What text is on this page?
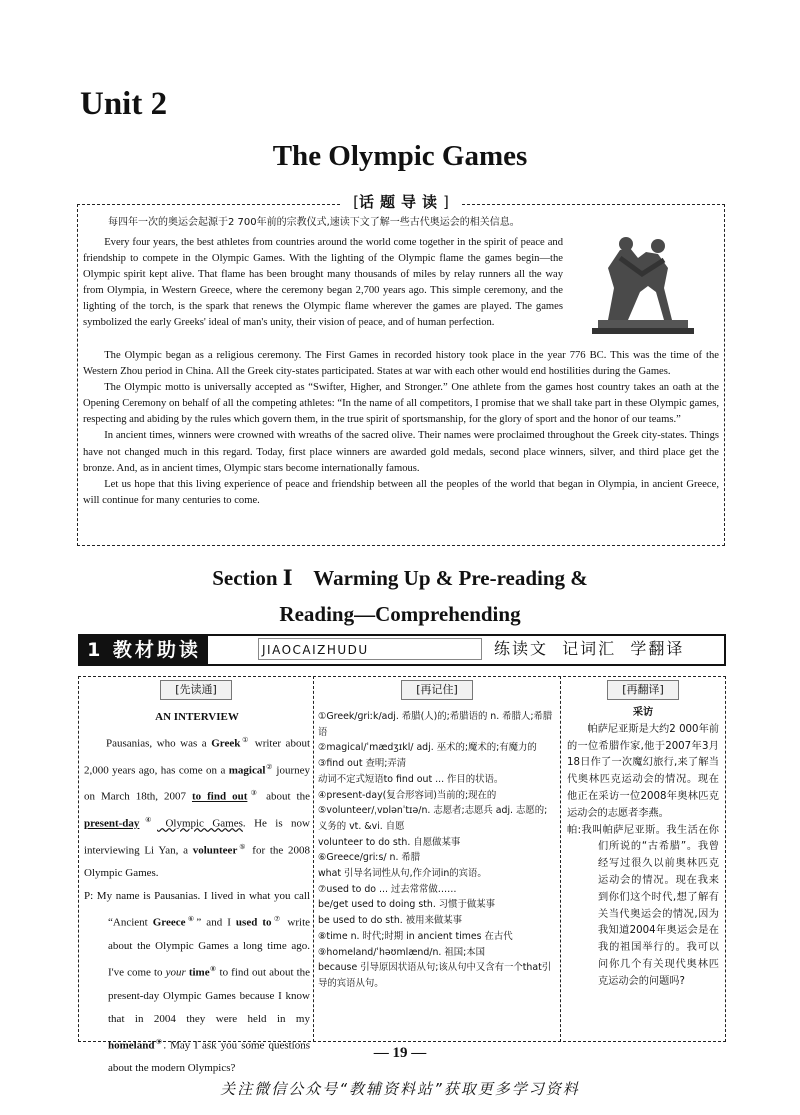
Unit 2
The Olympic Games
[话题导读]

每四年一次的奥运会起源于2 700年前的宗教仪式,速读下文了解一些古代奥运会的相关信息。

Every four years, the best athletes from countries around the world come together in the spirit of peace and friendship to compete in the Olympic Games. With the lighting of the Olympic flame the games begin—the Olympic spirit kept alive. That flame has been brought many thousands of miles by relay runners all the way from Olympia, in Western Greece, where the ceremony began 2,700 years ago. This simple ceremony, and the lighting of the torch, is the spark that renews the Olympic flame wherever the games are played. The games symbolized the early Greeks' ideal of man's unity, their vision of peace, and of human perfection.

The Olympic began as a religious ceremony. The First Games in recorded history took place in the year 776 BC. This was the time of the Western Zhou period in China. All the Greek city-states participated. States at war with each other would end hostilities during the Games.

The Olympic motto is universally accepted as “Swifter, Higher, and Stronger.” One athlete from the games host country takes an oath at the Opening Ceremony on behalf of all the competing athletes: “In the name of all competitors, I promise that we shall take part in these Olympic games, respecting and abiding by the rules which govern them, in the true spirit of sportsmanship, for the glory of sport and the honor of our teams.”

In ancient times, winners were crowned with wreaths of the sacred olive. Their names were proclaimed throughout the Greek city-states. Things have not changed much in this regard. Today, first place winners are awarded gold medals, second place winners, silver, and third place get the bronze. And, as in ancient times, Olympic stars become internationally famous.

Let us hope that this living experience of peace and friendship between all the peoples of the world that began in Olympia, in ancient Greece, will continue for many centuries to come.

Section Ⅰ    Warming Up & Pre-reading &
Reading—Comprehending
1 教材助读	JIAOCAIZHUDU	练读文  记词汇  学翻译
[先读通]	[再记住]	[再翻译]

AN INTERVIEW

Pausanias, who was a Greek① writer about 2,000 years ago, has come on a magical② journey on March 18th, 2007 to find out③ about the present-day④ Olympic Games. He is now interviewing Li Yan, a volunteer⑤ for the 2008 Olympic Games.

P: My name is Pausanias. I lived in what you call “Ancient Greece⑥” and I used to⑦ write about the Olympic Games a long time ago. I've come to your time⑧ to find out about the present-day Olympic Games because I know that in 2004 they were held in my homeland⑨. May I ask you some questions about the modern Olympics?

①Greek/ɡriːk/adj. 希腊(人)的;希腊语的 n. 希腊人;希腊语

②magical/ˈmædʒɪkl/ adj. 巫术的;魔术的;有魔力的

③find out 查明;弄清

动词不定式短语to find out ... 作目的状语。

④present-day(复合形容词)当前的;现在的

⑤volunteer/ˌvɒlənˈtɪə/n. 志愿者;志愿兵 adj. 志愿的;义务的 vt. &vi. 自愿

volunteer to do sth. 自愿做某事

⑥Greece/ɡriːs/ n. 希腊

what 引导名词性从句,作介词in的宾语。

⑦used to do ... 过去常常做……

be/get used to doing sth. 习惯于做某事

be used to do sth. 被用来做某事

⑧time n. 时代;时期 in ancient times 在古代

⑨homeland/ˈhəʊmlænd/n. 祖国;本国

because 引导原因状语从句;该从句中又含有一个that引导的宾语从句。

采访

帕萨尼亚斯是大约2 000年前的一位希腊作家,他于2007年3月18日作了一次魔幻旅行,来了解当代奥林匹克运动会的情况。现在他正在采访一位2008年奥林匹克运动会的志愿者李燕。

帕:我叫帕萨尼亚斯。我生活在你们所说的“古希腊”。我曾经写过很久以前奥林匹克运动会的情况。现在我来到你们这个时代,想了解有关当代奥运会的情况,因为我知道2004年奥运会是在我的祖国举行的。我可以问你几个有关现代奥林匹克运动会的问题吗?

— 19 —
关注微信公众号“教辅资料站”获取更多学习资料
